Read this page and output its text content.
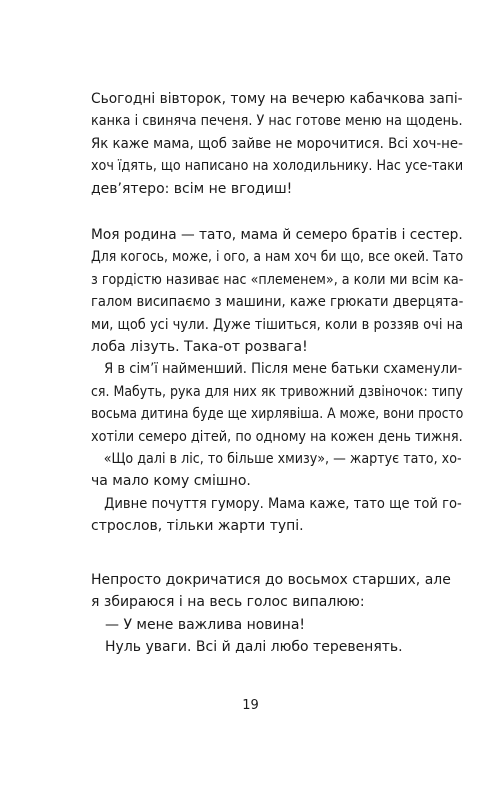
Сьогодні вівторок, тому на вечерю кабачкова запі-
канка і свиняча печеня. У нас готове меню на щодень.
Як каже мама, щоб зайве не морочитися. Всі хоч-не-
хоч їдять, що написано на холодильнику. Нас усе-таки
дев’ятеро: всім не вгодиш!
Моя родина — тато, мама й семеро братів і сестер.
Для когось, може, і ого, а нам хоч би що, все окей. Тато
з гордістю називає нас «племенем», а коли ми всім ка-
галом висипаємо з машини, каже грюкати дверцята-
ми, щоб усі чули. Дуже тішиться, коли в роззяв очі на
лоба лізуть. Така-от розвага!
Я в сім’ї найменший. Після мене батьки схаменули-
ся. Мабуть, рука для них як тривожний дзвіночок: типу
восьма дитина буде ще хирлявіша. А може, вони просто
хотіли семеро дітей, по одному на кожен день тижня.
«Що далі в ліс, то більше хмизу», — жартує тато, хо-
ча мало кому смішно.
Дивне почуття гумору. Мама каже, тато ще той го-
строслов, тільки жарти тупі.
Непросто докричатися до восьмох старших, але
я збираюся і на весь голос випалюю:
— У мене важлива новина!
Нуль уваги. Всі й далі любо теревенять.
19
